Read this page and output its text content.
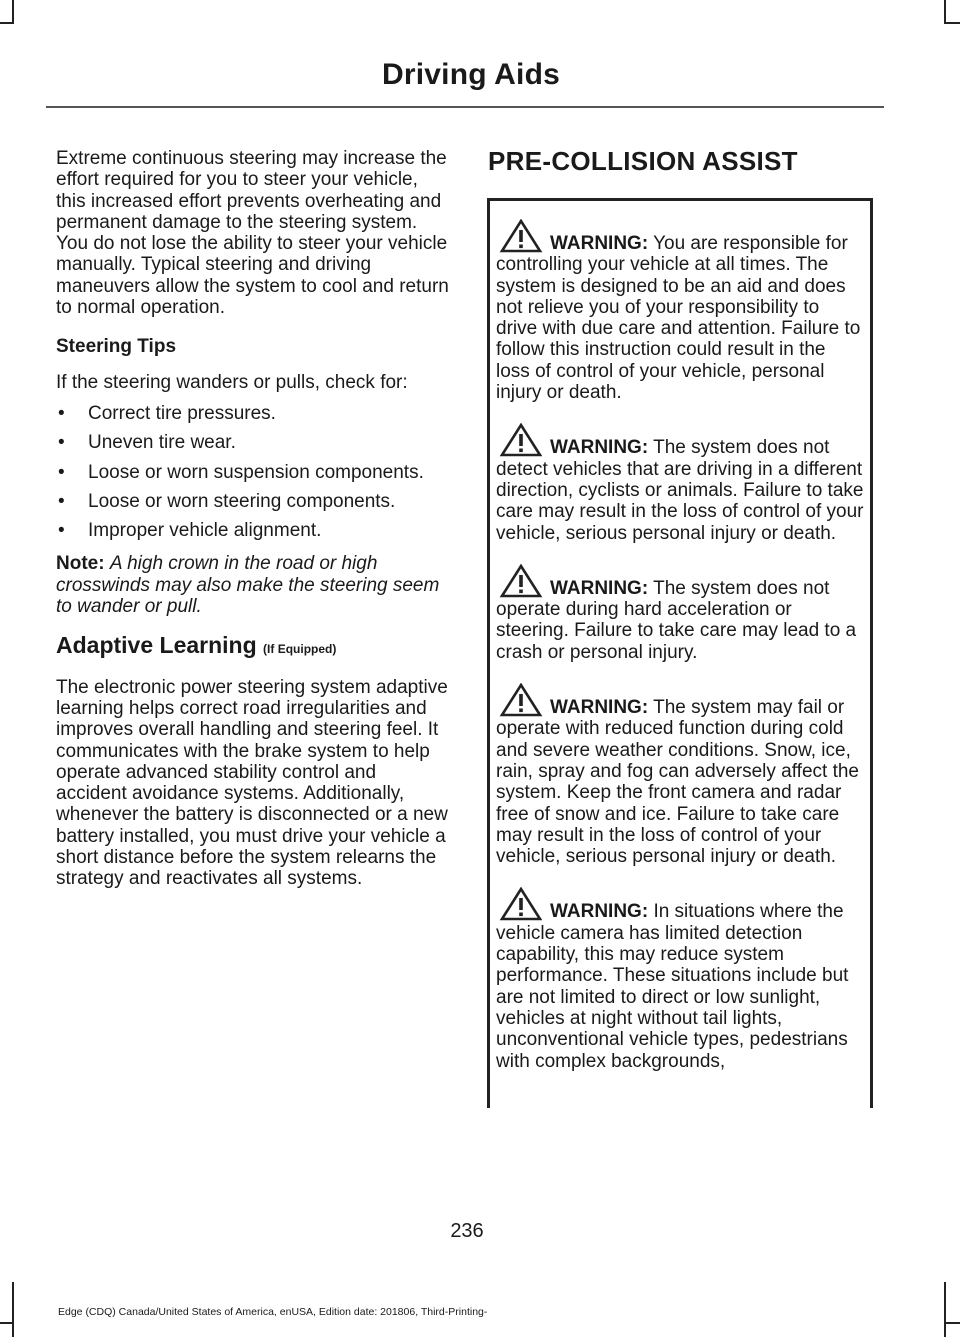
Driving Aids

Extreme continuous steering may increase the effort required for you to steer your vehicle, this increased effort prevents overheating and permanent damage to the steering system. You do not lose the ability to steer your vehicle manually. Typical steering and driving maneuvers allow the system to cool and return to normal operation.

Steering Tips

If the steering wanders or pulls, check for:

• Correct tire pressures.
• Uneven tire wear.
• Loose or worn suspension components.
• Loose or worn steering components.
• Improper vehicle alignment.

Note: A high crown in the road or high crosswinds may also make the steering seem to wander or pull.

Adaptive Learning (If Equipped)

The electronic power steering system adaptive learning helps correct road irregularities and improves overall handling and steering feel. It communicates with the brake system to help operate advanced stability control and accident avoidance systems. Additionally, whenever the battery is disconnected or a new battery installed, you must drive your vehicle a short distance before the system relearns the strategy and reactivates all systems.

PRE-COLLISION ASSIST
WARNING: You are responsible for controlling your vehicle at all times. The system is designed to be an aid and does not relieve you of your responsibility to drive with due care and attention. Failure to follow this instruction could result in the loss of control of your vehicle, personal injury or death.
WARNING: The system does not detect vehicles that are driving in a different direction, cyclists or animals. Failure to take care may result in the loss of control of your vehicle, serious personal injury or death.
WARNING: The system does not operate during hard acceleration or steering. Failure to take care may lead to a crash or personal injury.
WARNING: The system may fail or operate with reduced function during cold and severe weather conditions. Snow, ice, rain, spray and fog can adversely affect the system. Keep the front camera and radar free of snow and ice. Failure to take care may result in the loss of control of your vehicle, serious personal injury or death.
WARNING: In situations where the vehicle camera has limited detection capability, this may reduce system performance. These situations include but are not limited to direct or low sunlight, vehicles at night without tail lights, unconventional vehicle types, pedestrians with complex backgrounds,
236
Edge (CDQ) Canada/United States of America, enUSA, Edition date: 201806, Third-Printing-
